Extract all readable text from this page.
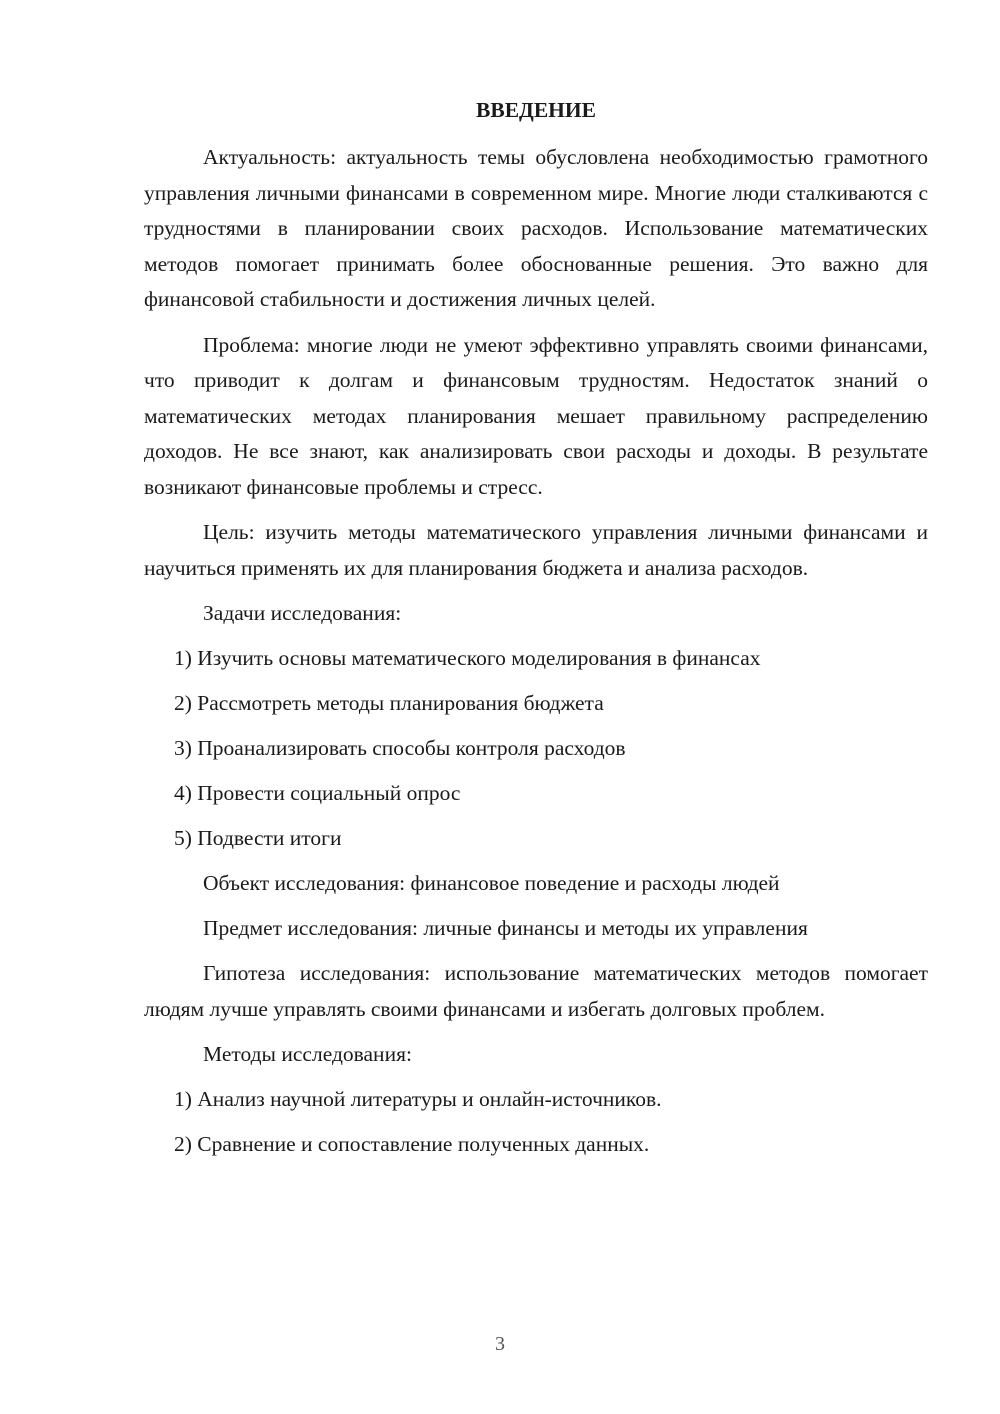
ВВЕДЕНИЕ
Актуальность: актуальность темы обусловлена необходимостью грамотного управления личными финансами в современном мире. Многие люди сталкиваются с трудностями в планировании своих расходов. Использование математических методов помогает принимать более обоснованные решения. Это важно для финансовой стабильности и достижения личных целей.
Проблема: многие люди не умеют эффективно управлять своими финансами, что приводит к долгам и финансовым трудностям. Недостаток знаний о математических методах планирования мешает правильному распределению доходов. Не все знают, как анализировать свои расходы и доходы. В результате возникают финансовые проблемы и стресс.
Цель: изучить методы математического управления личными финансами и научиться применять их для планирования бюджета и анализа расходов.
Задачи исследования:
1) Изучить основы математического моделирования в финансах
2) Рассмотреть методы планирования бюджета
3) Проанализировать способы контроля расходов
4) Провести социальный опрос
5) Подвести итоги
Объект исследования: финансовое поведение и расходы людей
Предмет исследования: личные финансы и методы их управления
Гипотеза исследования: использование математических методов помогает людям лучше управлять своими финансами и избегать долговых проблем.
Методы исследования:
1) Анализ научной литературы и онлайн-источников.
2) Сравнение и сопоставление полученных данных.
3
